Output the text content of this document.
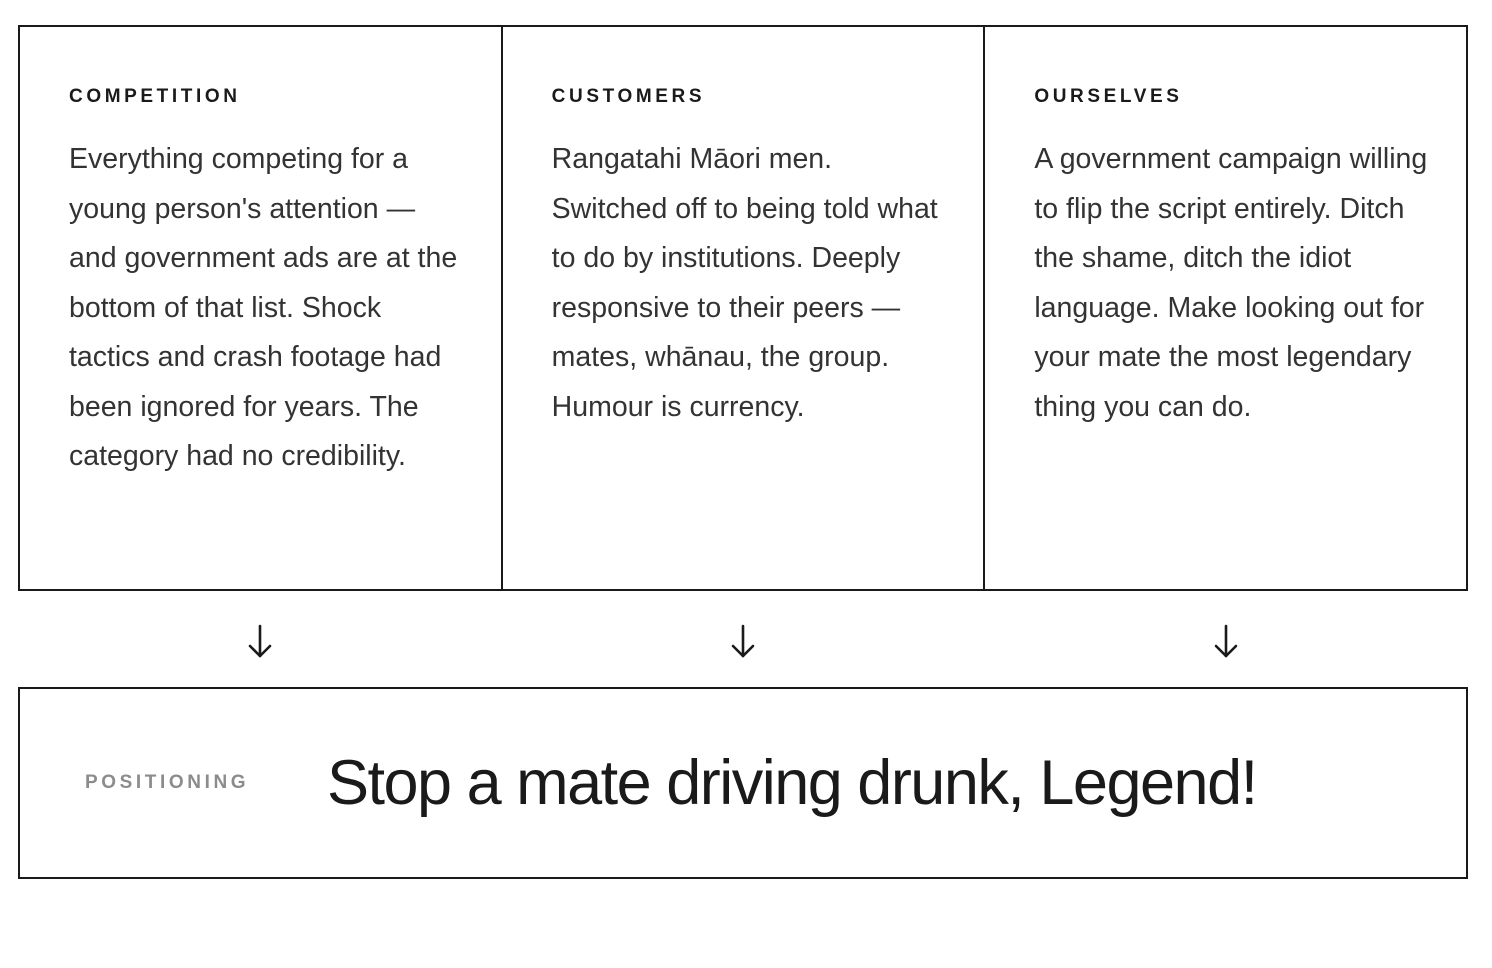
COMPETITION

Everything competing for a young person's attention — and government ads are at the bottom of that list. Shock tactics and crash footage had been ignored for years. The category had no credibility.

CUSTOMERS

Rangatahi Māori men. Switched off to being told what to do by institutions. Deeply responsive to their peers — mates, whānau, the group. Humour is currency.

OURSELVES

A government campaign willing to flip the script entirely. Ditch the shame, ditch the idiot language. Make looking out for your mate the most legendary thing you can do.

POSITIONING	Stop a mate driving drunk, Legend!
